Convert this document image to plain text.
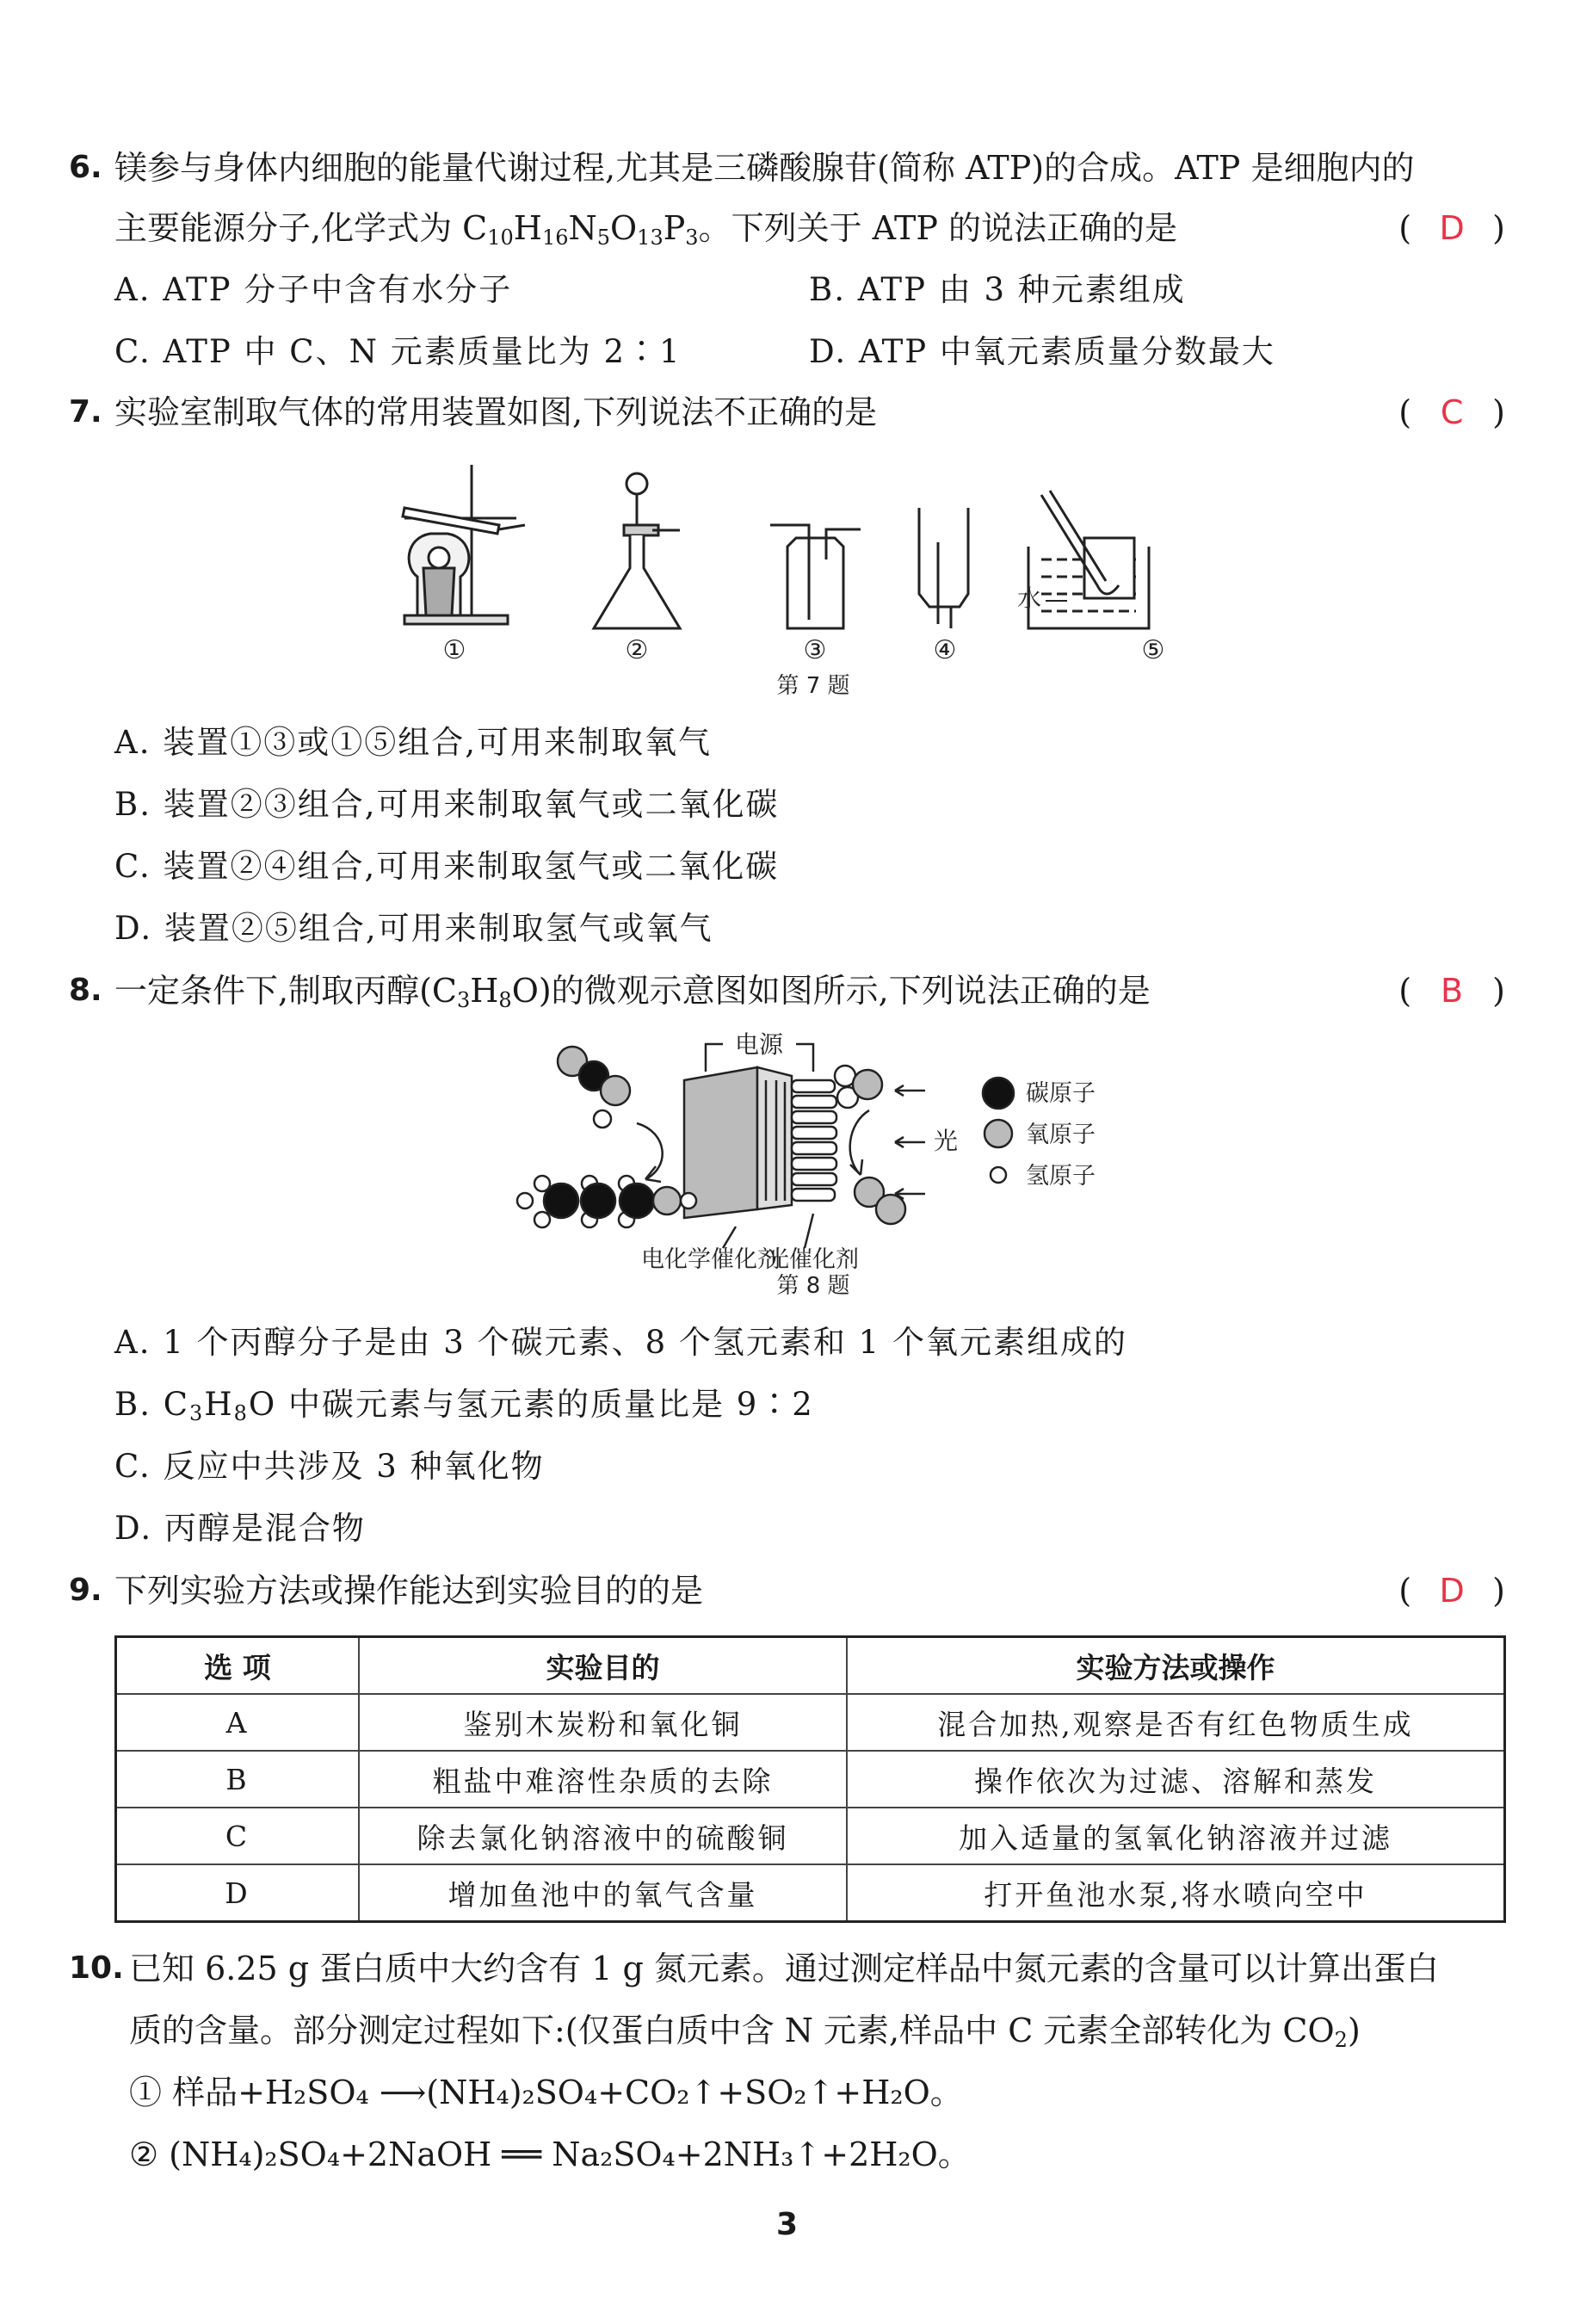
6. 镁参与身体内细胞的能量代谢过程,尤其是三磷酸腺苷(简称 ATP)的合成。ATP 是细胞内的
主要能源分子,化学式为 $C_{10}H_{16}N_5O_{13}P_3$。下列关于 ATP 的说法正确的是	( D )
A. ATP 分子中含有水分子	B. ATP 由 3 种元素组成
C. ATP 中 C、N 元素质量比为 2∶1	D. ATP 中氧元素质量分数最大
7. 实验室制取气体的常用装置如图,下列说法不正确的是	( C )
水
①	②	③	④	⑤
第 7 题
A. 装置①③或①⑤组合,可用来制取氧气
B. 装置②③组合,可用来制取氧气或二氧化碳
C. 装置②④组合,可用来制取氢气或二氧化碳
D. 装置②⑤组合,可用来制取氢气或氧气
8. 一定条件下,制取丙醇$(C_3H_8O)$的微观示意图如图所示,下列说法正确的是	( B )
电源
光
碳原子
氧原子
氢原子
电化学催化剂
光催化剂
第 8 题
A. 1 个丙醇分子是由 3 个碳元素、8 个氢元素和 1 个氧元素组成的
B. $C_3H_8O$ 中碳元素与氢元素的质量比是 9∶2
C. 反应中共涉及 3 种氧化物
D. 丙醇是混合物
9. 下列实验方法或操作能达到实验目的的是	( D )
选 项	实验目的	实验方法或操作
A	鉴别木炭粉和氧化铜	混合加热,观察是否有红色物质生成
B	粗盐中难溶性杂质的去除	操作依次为过滤、溶解和蒸发
C	除去氯化钠溶液中的硫酸铜	加入适量的氢氧化钠溶液并过滤
D	增加鱼池中的氧气含量	打开鱼池水泵,将水喷向空中
10. 已知 6.25 g 蛋白质中大约含有 1 g 氮元素。通过测定样品中氮元素的含量可以计算出蛋白
质的含量。部分测定过程如下:(仅蛋白质中含 N 元素,样品中 C 元素全部转化为 $CO_2$)
① 样品+H₂SO₄ ⟶(NH₄)₂SO₄+CO₂↑+SO₂↑+H₂O。
② (NH₄)₂SO₄+2NaOH ══ Na₂SO₄+2NH₃↑+2H₂O。
3
